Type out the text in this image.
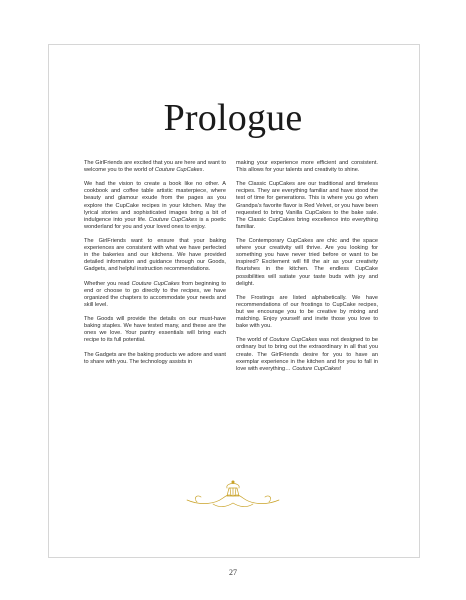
Prologue

The GirlFriends are excited that you are here and want to welcome you to the world of Couture CupCakes.

We had the vision to create a book like no other. A cookbook and coffee table artistic masterpiece, where beauty and glamour exude from the pages as you explore the CupCake recipes in your kitchen. May the lyrical stories and sophisticated images bring a bit of indulgence into your life. Couture CupCakes is a poetic wonderland for you and your loved ones to enjoy.

The GirlFriends want to ensure that your baking experiences are consistent with what we have perfected in the bakeries and our kitchens. We have provided detailed information and guidance through our Goods, Gadgets, and helpful instruction recommendations.

Whether you read Couture CupCakes from beginning to end or choose to go directly to the recipes, we have organized the chapters to accommodate your needs and skill level.

The Goods will provide the details on our must-have baking staples. We have tested many, and these are the ones we love. Your pantry essentials will bring each recipe to its full potential.

The Gadgets are the baking products we adore and want to share with you. The technology assists in

making your experience more efficient and consistent. This allows for your talents and creativity to shine.

The Classic CupCakes are our traditional and timeless recipes. They are everything familiar and have stood the test of time for generations. This is where you go when Grandpa's favorite flavor is Red Velvet, or you have been requested to bring Vanilla CupCakes to the bake sale. The Classic CupCakes bring excellence into everything familiar.

The Contemporary CupCakes are chic and the space where your creativity will thrive. Are you looking for something you have never tried before or want to be inspired? Excitement will fill the air as your creativity flourishes in the kitchen. The endless CupCake possibilities will satiate your taste buds with joy and delight.

The Frostings are listed alphabetically. We have recommendations of our frostings to CupCake recipes, but we encourage you to be creative by mixing and matching. Enjoy yourself and invite those you love to bake with you.

The world of Couture CupCakes was not designed to be ordinary but to bring out the extraordinary in all that you create. The GirlFriends desire for you to have an exemplar experience in the kitchen and for you to fall in love with everything… Couture CupCakes!

27
